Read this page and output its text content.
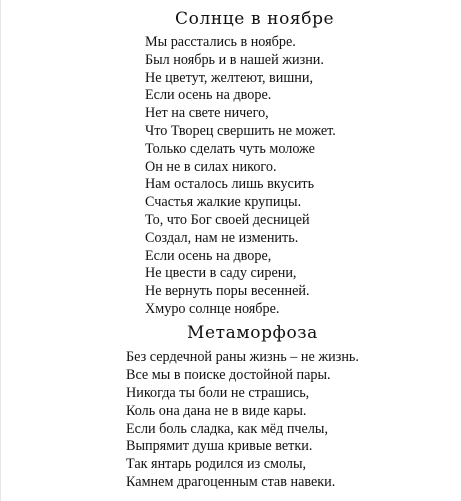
Солнце в ноябре
Мы расстались в ноябре.
Был ноябрь и в нашей жизни.
Не цветут, желтеют, вишни,
Если осень на дворе.
Нет на свете ничего,
Что Творец свершить не может.
Только сделать чуть моложе
Он не в силах никого.
Нам осталось лишь вкусить
Счастья жалкие крупицы.
То, что Бог своей десницей
Создал, нам не изменить.
Если осень на дворе,
Не цвести в саду сирени,
Не вернуть поры весенней.
Хмуро солнце ноябре.
Метаморфоза
Без сердечной раны жизнь – не жизнь.
Все мы в поиске достойной пары.
Никогда ты боли не страшись,
Коль она дана не в виде кары.
Если боль сладка, как мёд пчелы,
Выпрямит душа кривые ветки.
Так янтарь родился из смолы,
Камнем драгоценным став навеки.
